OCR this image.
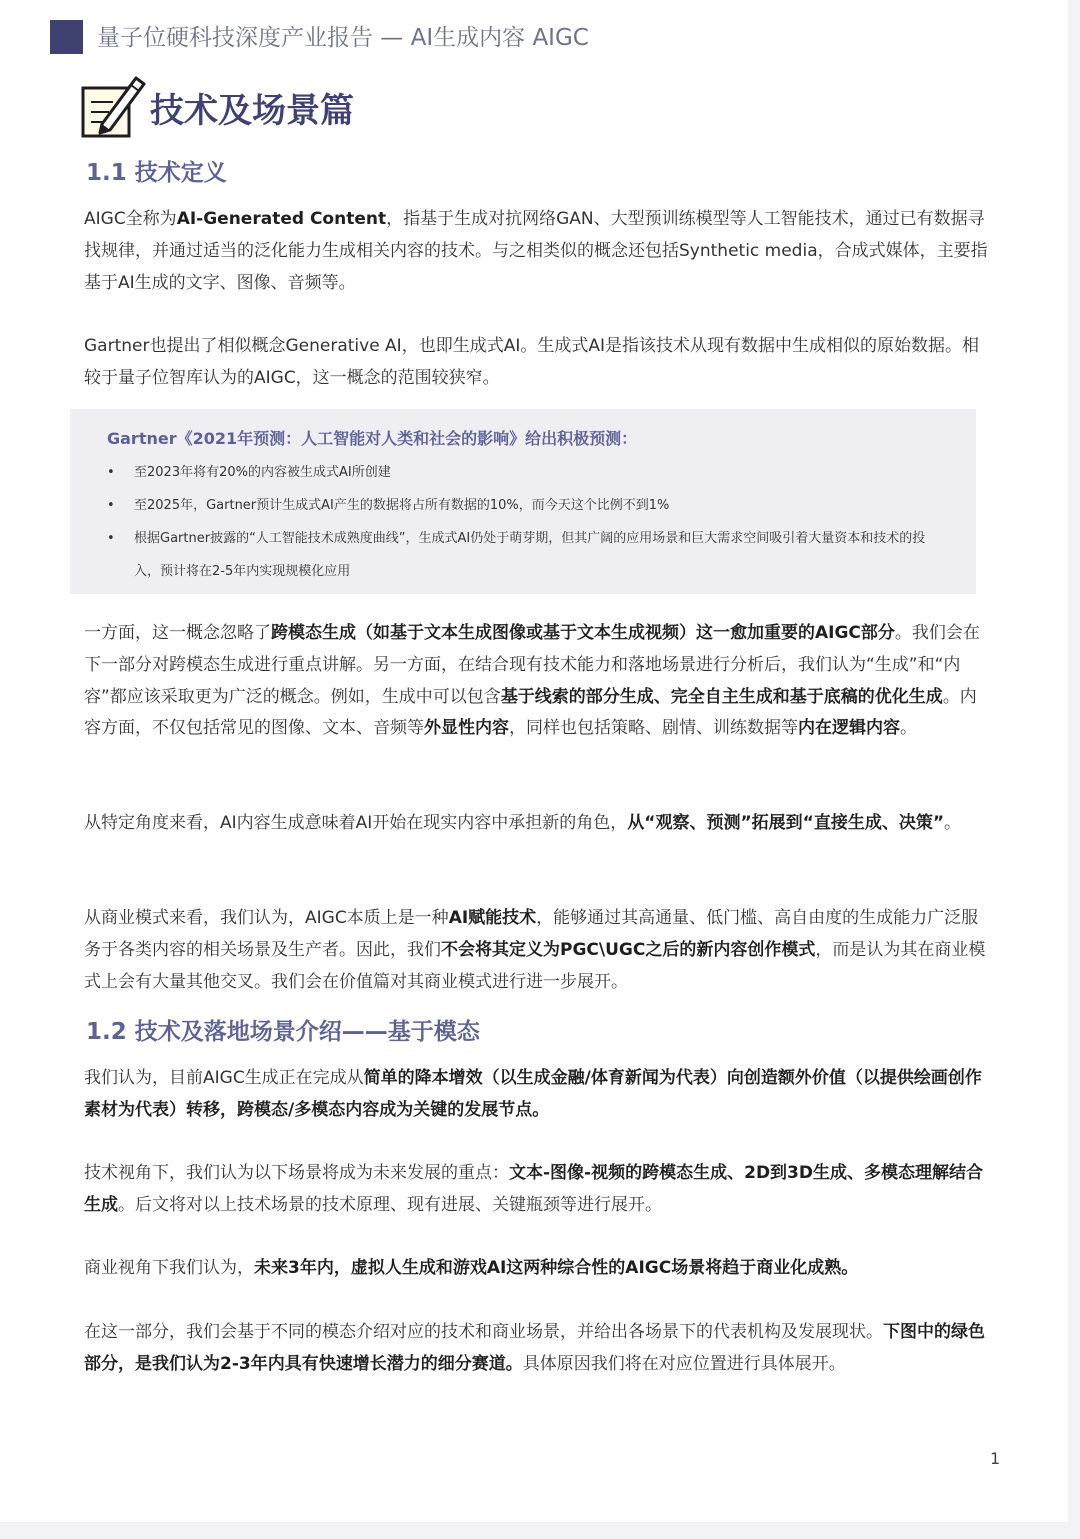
量子位硬科技深度产业报告 — AI生成内容 AIGC
技术及场景篇
1.1 技术定义
AIGC全称为AI-Generated Content，指基于生成对抗网络GAN、大型预训练模型等人工智能技术，通过已有数据寻找规律，并通过适当的泛化能力生成相关内容的技术。与之相类似的概念还包括Synthetic media，合成式媒体，主要指基于AI生成的文字、图像、音频等。
Gartner也提出了相似概念Generative AI，也即生成式AI。生成式AI是指该技术从现有数据中生成相似的原始数据。相较于量子位智库认为的AIGC，这一概念的范围较狭窄。
Gartner《2021年预测：人工智能对人类和社会的影响》给出积极预测：
• 至2023年将有20%的内容被生成式AI所创建
• 至2025年，Gartner预计生成式AI产生的数据将占所有数据的10%，而今天这个比例不到1%
• 根据Gartner披露的“人工智能技术成熟度曲线”，生成式AI仍处于萌芽期，但其广阔的应用场景和巨大需求空间吸引着大量资本和技术的投入，预计将在2-5年内实现规模化应用
一方面，这一概念忽略了跨模态生成（如基于文本生成图像或基于文本生成视频）这一愈加重要的AIGC部分。我们会在下一部分对跨模态生成进行重点讲解。另一方面，在结合现有技术能力和落地场景进行分析后，我们认为“生成”和“内容”都应该采取更为广泛的概念。例如，生成中可以包含基于线索的部分生成、完全自主生成和基于底稿的优化生成。内容方面，不仅包括常见的图像、文本、音频等外显性内容，同样也包括策略、剧情、训练数据等内在逻辑内容。
从特定角度来看，AI内容生成意味着AI开始在现实内容中承担新的角色，从“观察、预测”拓展到“直接生成、决策”。
从商业模式来看，我们认为，AIGC本质上是一种AI赋能技术，能够通过其高通量、低门槛、高自由度的生成能力广泛服务于各类内容的相关场景及生产者。因此，我们不会将其定义为PGC\UGC之后的新内容创作模式，而是认为其在商业模式上会有大量其他交叉。我们会在价值篇对其商业模式进行进一步展开。
1.2 技术及落地场景介绍——基于模态
我们认为，目前AIGC生成正在完成从简单的降本增效（以生成金融/体育新闻为代表）向创造额外价值（以提供绘画创作素材为代表）转移，跨模态/多模态内容成为关键的发展节点。
技术视角下，我们认为以下场景将成为未来发展的重点：文本-图像-视频的跨模态生成、2D到3D生成、多模态理解结合生成。后文将对以上技术场景的技术原理、现有进展、关键瓶颈等进行展开。
商业视角下我们认为，未来3年内，虚拟人生成和游戏AI这两种综合性的AIGC场景将趋于商业化成熟。
在这一部分，我们会基于不同的模态介绍对应的技术和商业场景，并给出各场景下的代表机构及发展现状。下图中的绿色部分，是我们认为2-3年内具有快速增长潜力的细分赛道。具体原因我们将在对应位置进行具体展开。
1
